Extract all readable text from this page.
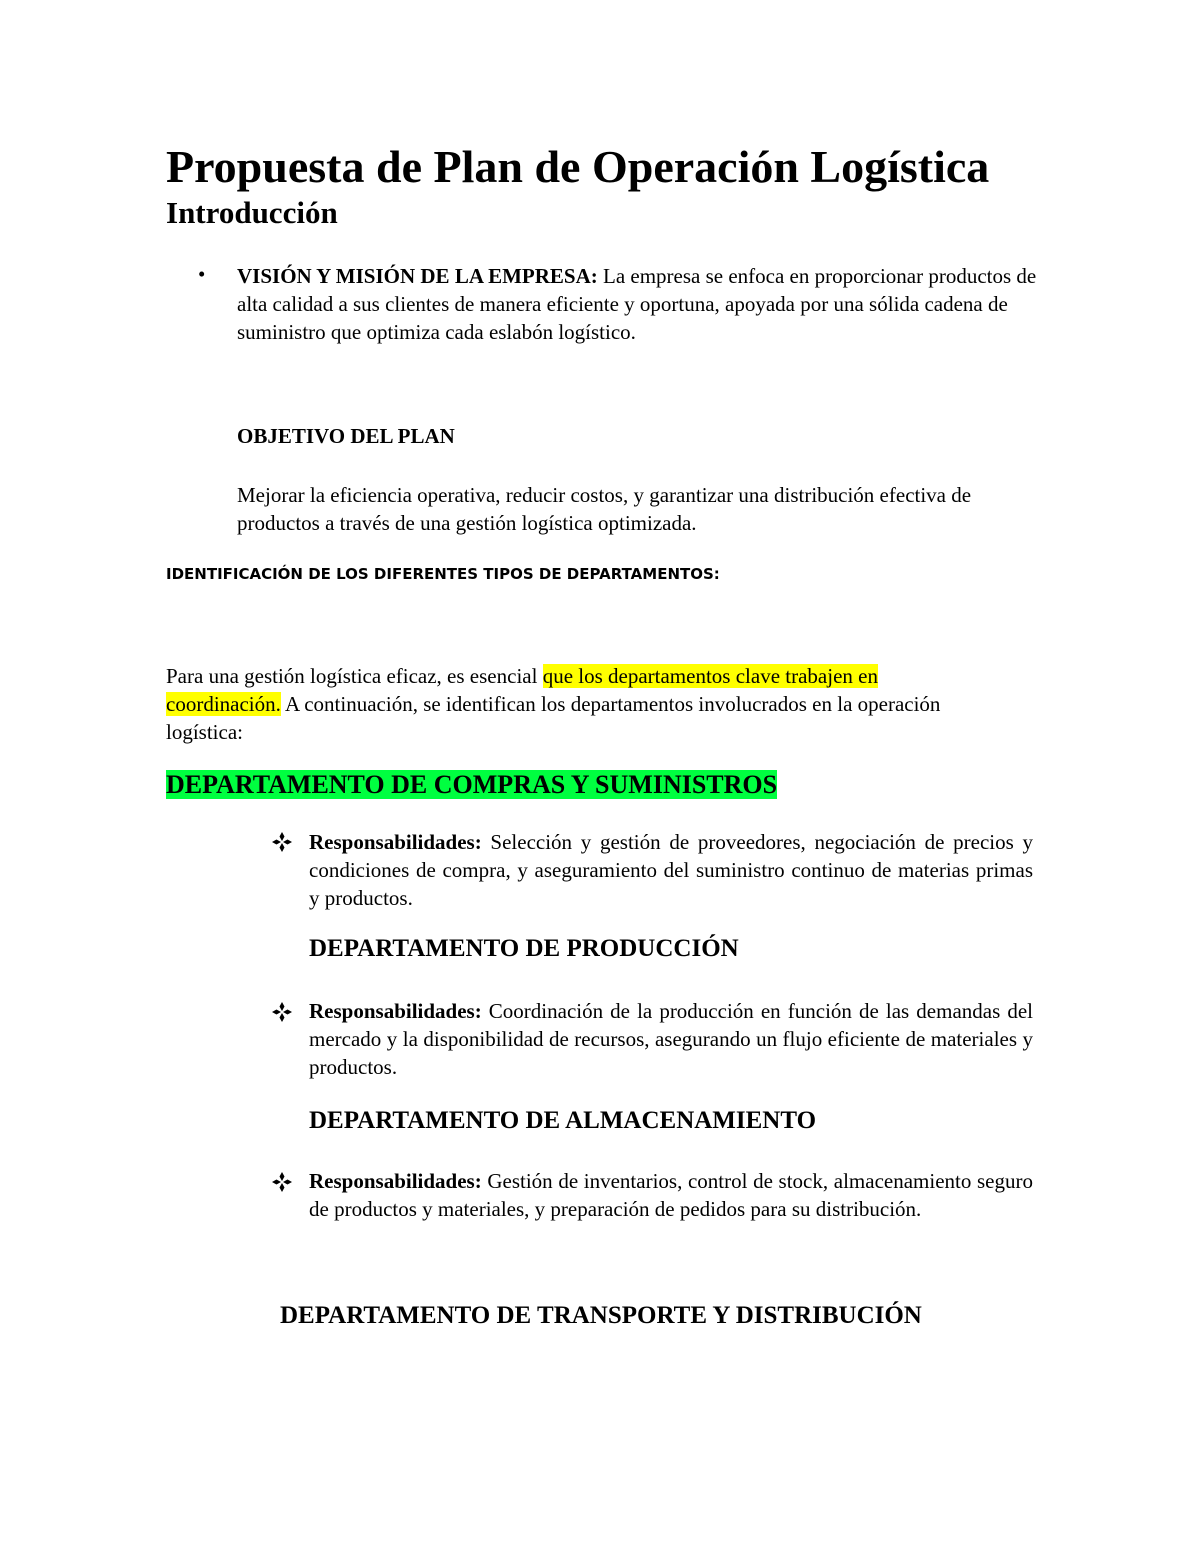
Propuesta de Plan de Operación Logística
Introducción
• VISIÓN Y MISIÓN DE LA EMPRESA: La empresa se enfoca en proporcionar productos de alta calidad a sus clientes de manera eficiente y oportuna, apoyada por una sólida cadena de suministro que optimiza cada eslabón logístico.

OBJETIVO DEL PLAN

Mejorar la eficiencia operativa, reducir costos, y garantizar una distribución efectiva de productos a través de una gestión logística optimizada.

IDENTIFICACIÓN DE LOS DIFERENTES TIPOS DE DEPARTAMENTOS:

Para una gestión logística eficaz, es esencial que los departamentos clave trabajen en coordinación. A continuación, se identifican los departamentos involucrados en la operación logística:

DEPARTAMENTO DE COMPRAS Y SUMINISTROS

Responsabilidades: Selección y gestión de proveedores, negociación de precios y condiciones de compra, y aseguramiento del suministro continuo de materias primas y productos.

DEPARTAMENTO DE PRODUCCIÓN

Responsabilidades: Coordinación de la producción en función de las demandas del mercado y la disponibilidad de recursos, asegurando un flujo eficiente de materiales y productos.

DEPARTAMENTO DE ALMACENAMIENTO

Responsabilidades: Gestión de inventarios, control de stock, almacenamiento seguro de productos y materiales, y preparación de pedidos para su distribución.

DEPARTAMENTO DE TRANSPORTE Y DISTRIBUCIÓN
